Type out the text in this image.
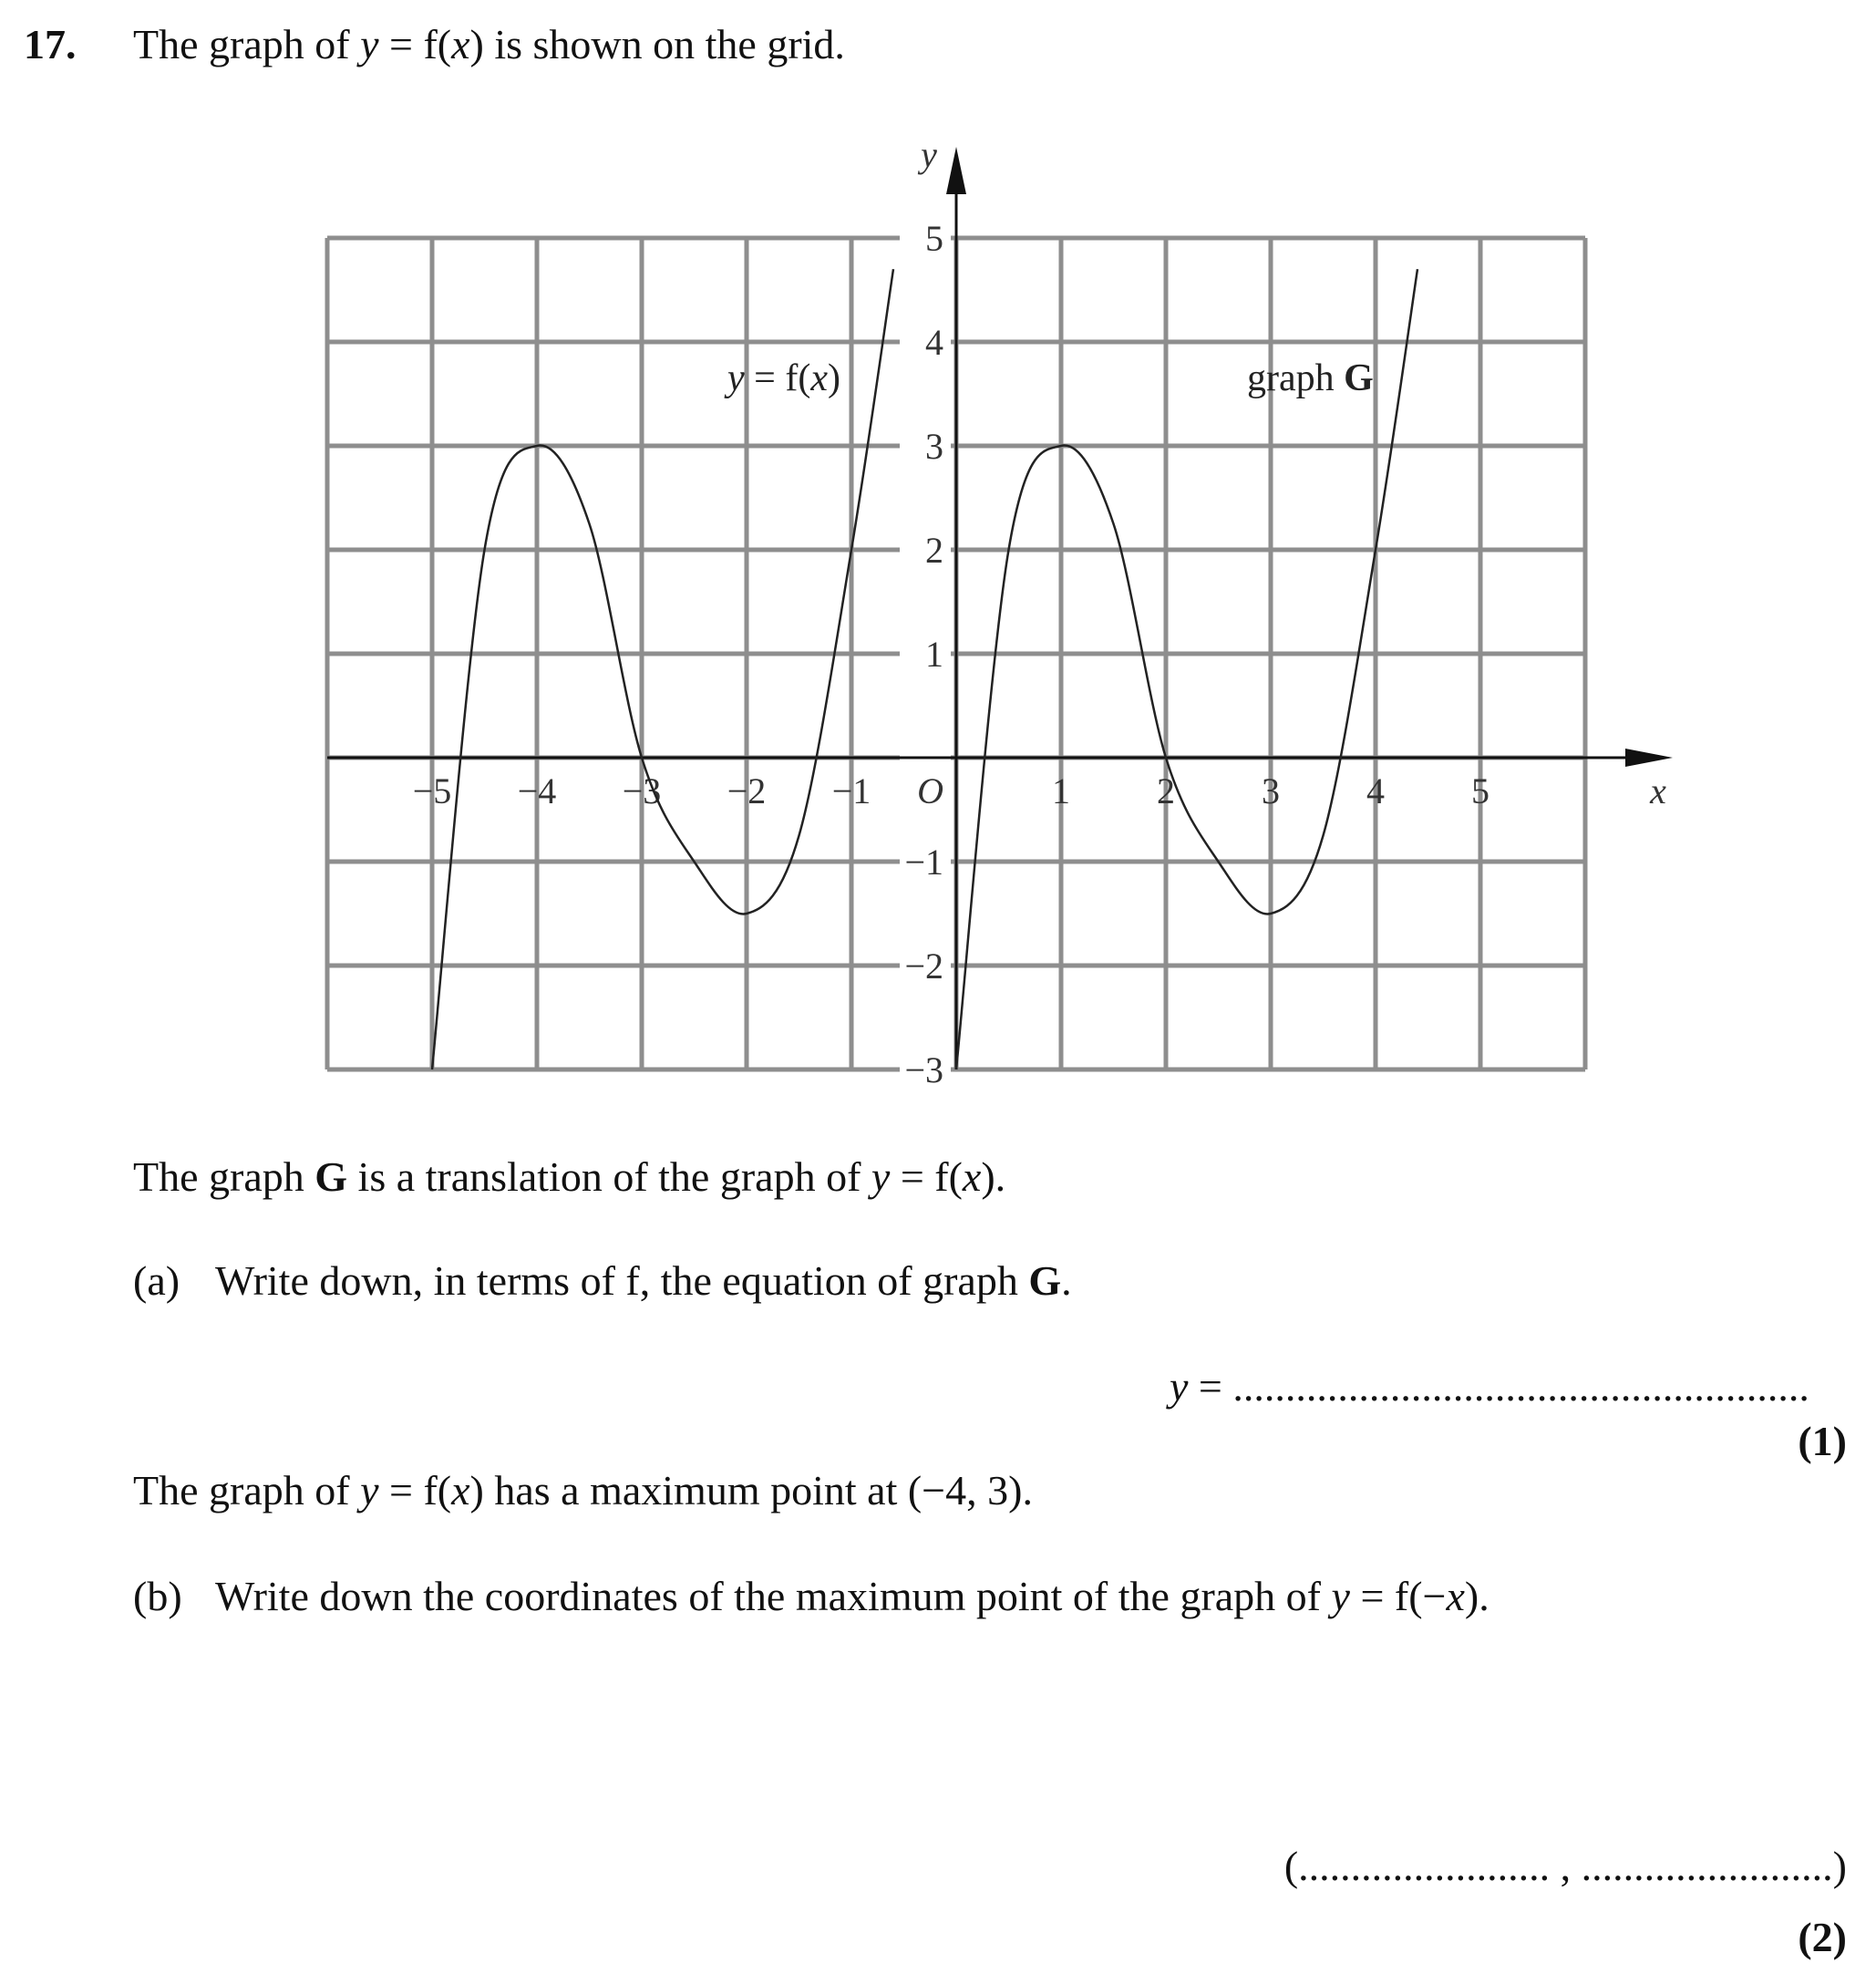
17. The graph of y = f(x) is shown on the grid.
−5 −4 −3 −2 −1	1 2 3 4 5
−3
−2
−1
1
2
3
4
5
O	x
y
y = f(x)	graph G
The graph G is a translation of the graph of y = f(x).
(a) Write down, in terms of f, the equation of graph G.
y = .......................................................
(1)
The graph of y = f(x) has a maximum point at (−4, 3).
(b) Write down the coordinates of the maximum point of the graph of y = f(−x).
(........................ , ........................)
(2)
